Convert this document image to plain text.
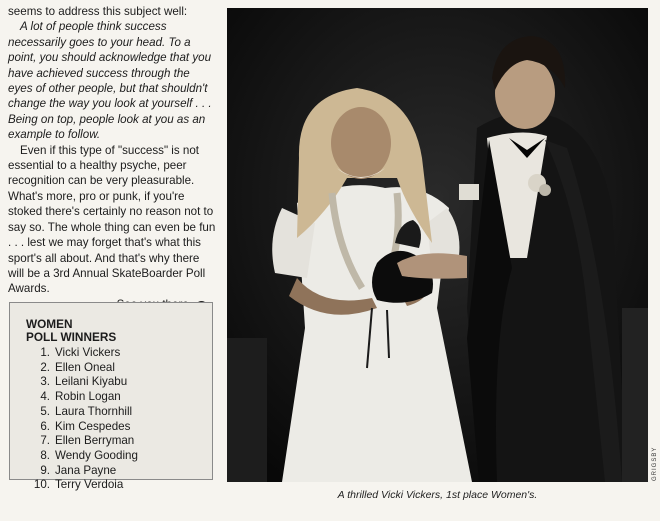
seems to address this subject well:

A lot of people think success necessarily goes to your head. To a point, you should acknowledge that you have achieved success through the eyes of other people, but that shouldn't change the way you look at yourself . . . Being on top, people look at you as an example to follow.

Even if this type of "success" is not essential to a healthy psyche, peer recognition can be very pleasurable. What's more, pro or punk, if you're stoked there's certainly no reason not to say so. The whole thing can even be fun . . . lest we may forget that's what this sport's all about. And that's why there will be a 3rd Annual SkateBoarder Poll Awards.

WOMEN
POLL WINNERS
1. Vicki Vickers
2. Ellen Oneal
3. Leilani Kiyabu
4. Robin Logan
5. Laura Thornhill
6. Kim Cespedes
7. Ellen Berryman
8. Wendy Gooding
9. Jana Payne
10. Terry Verdoia
GRIGSBY
A thrilled Vicki Vickers, 1st place Women's.
